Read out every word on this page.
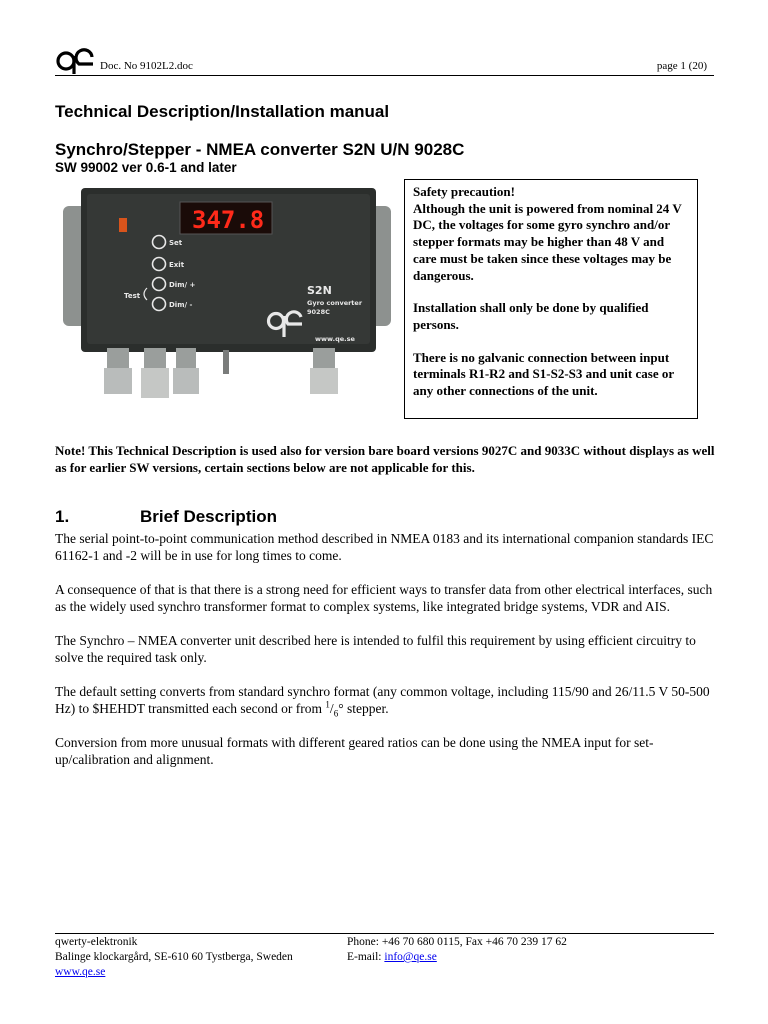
Doc. No 9102L2.doc	page 1 (20)
Technical Description/Installation manual
Synchro/Stepper - NMEA converter S2N U/N 9028C
SW 99002 ver 0.6-1 and later
347.8
Set
Exit
Dim/ +
Dim/ -
Test	S2N
Gyro converter
9028C
www.qe.se
Safety precaution!

Although the unit is powered from nominal 24 V DC, the voltages for some gyro synchro and/or stepper formats may be higher than 48 V and care must be taken since these voltages may be dangerous.

Installation shall only be done by qualified persons.

There is no galvanic connection between input terminals R1-R2 and S1-S2-S3 and unit case or any other connections of the unit.

Note! This Technical Description is used also for version bare board versions 9027C and 9033C without displays as well as for earlier SW versions, certain sections below are not applicable for this.
1.	Brief Description

The serial point-to-point communication method described in NMEA 0183 and its international companion standards IEC 61162-1 and -2 will be in use for long times to come.

A consequence of that is that there is a strong need for efficient ways to transfer data from other electrical interfaces, such as the widely used synchro transformer format to complex systems, like integrated bridge systems, VDR and AIS.

The Synchro – NMEA converter unit described here is intended to fulfil this requirement by using efficient circuitry to solve the required task only.

The default setting converts from standard synchro format (any common voltage, including 115/90 and 26/11.5 V 50-500 Hz) to $HEHDT transmitted each second or from $^1/_6^\circ$ stepper.

Conversion from more unusual formats with different geared ratios can be done using the NMEA input for set-up/calibration and alignment.

qwerty-elektronik
Balinge klockargård, SE-610 60 Tystberga, Sweden
www.qe.se
Phone: +46 70 680 0115, Fax +46 70 239 17 62
E-mail: info@qe.se
